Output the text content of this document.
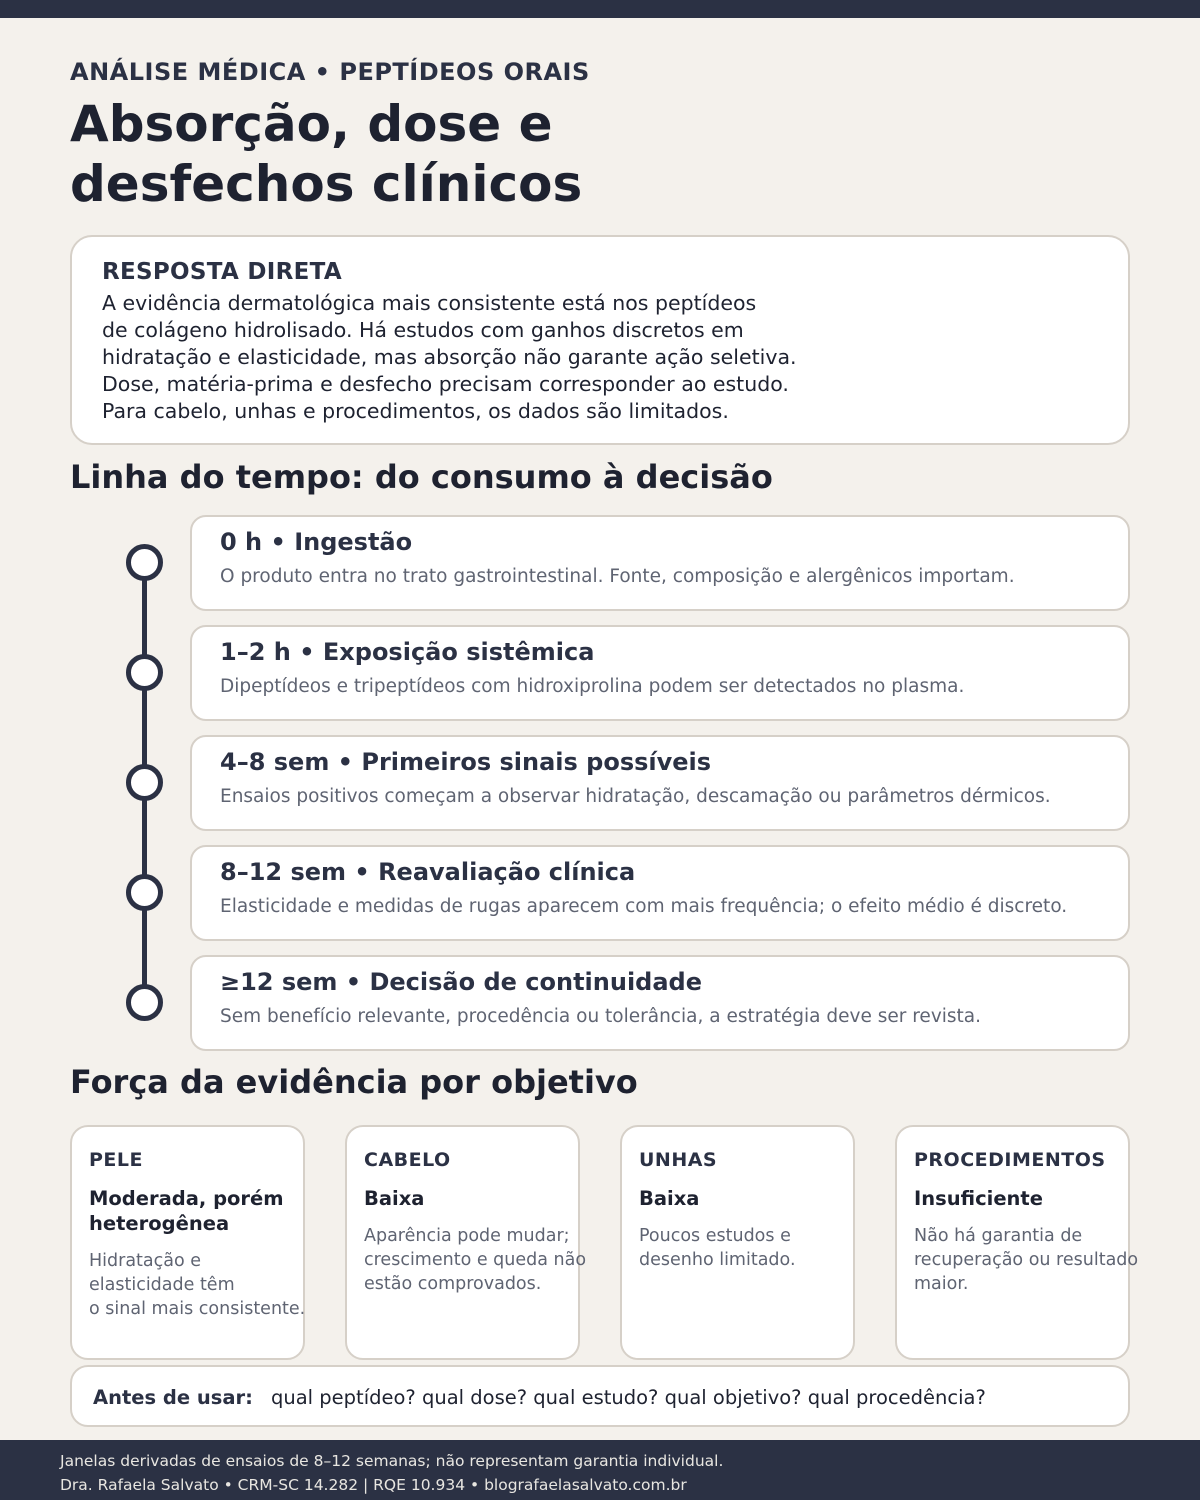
ANÁLISE MÉDICA • PEPTÍDEOS ORAIS
Absorção, dose e
desfechos clínicos
RESPOSTA DIRETA
A evidência dermatológica mais consistente está nos peptídeos
de colágeno hidrolisado. Há estudos com ganhos discretos em
hidratação e elasticidade, mas absorção não garante ação seletiva.
Dose, matéria-prima e desfecho precisam corresponder ao estudo.
Para cabelo, unhas e procedimentos, os dados são limitados.
Linha do tempo: do consumo à decisão
0 h • Ingestão
O produto entra no trato gastrointestinal. Fonte, composição e alergênicos importam.
1–2 h • Exposição sistêmica
Dipeptídeos e tripeptídeos com hidroxiprolina podem ser detectados no plasma.
4–8 sem • Primeiros sinais possíveis
Ensaios positivos começam a observar hidratação, descamação ou parâmetros dérmicos.
8–12 sem • Reavaliação clínica
Elasticidade e medidas de rugas aparecem com mais frequência; o efeito médio é discreto.
≥12 sem • Decisão de continuidade
Sem benefício relevante, procedência ou tolerância, a estratégia deve ser revista.
Força da evidência por objetivo
PELE
Moderada, porém heterogênea
Hidratação e
elasticidade têm
o sinal mais consistente.
CABELO
Baixa
Aparência pode mudar;
crescimento e queda não
estão comprovados.
UNHAS
Baixa
Poucos estudos e
desenho limitado.
PROCEDIMENTOS
Insuficiente
Não há garantia de
recuperação ou resultado
maior.
Antes de usar: qual peptídeo? qual dose? qual estudo? qual objetivo? qual procedência?
Janelas derivadas de ensaios de 8–12 semanas; não representam garantia individual.
Dra. Rafaela Salvato • CRM-SC 14.282 | RQE 10.934 • blografaelasalvato.com.br
